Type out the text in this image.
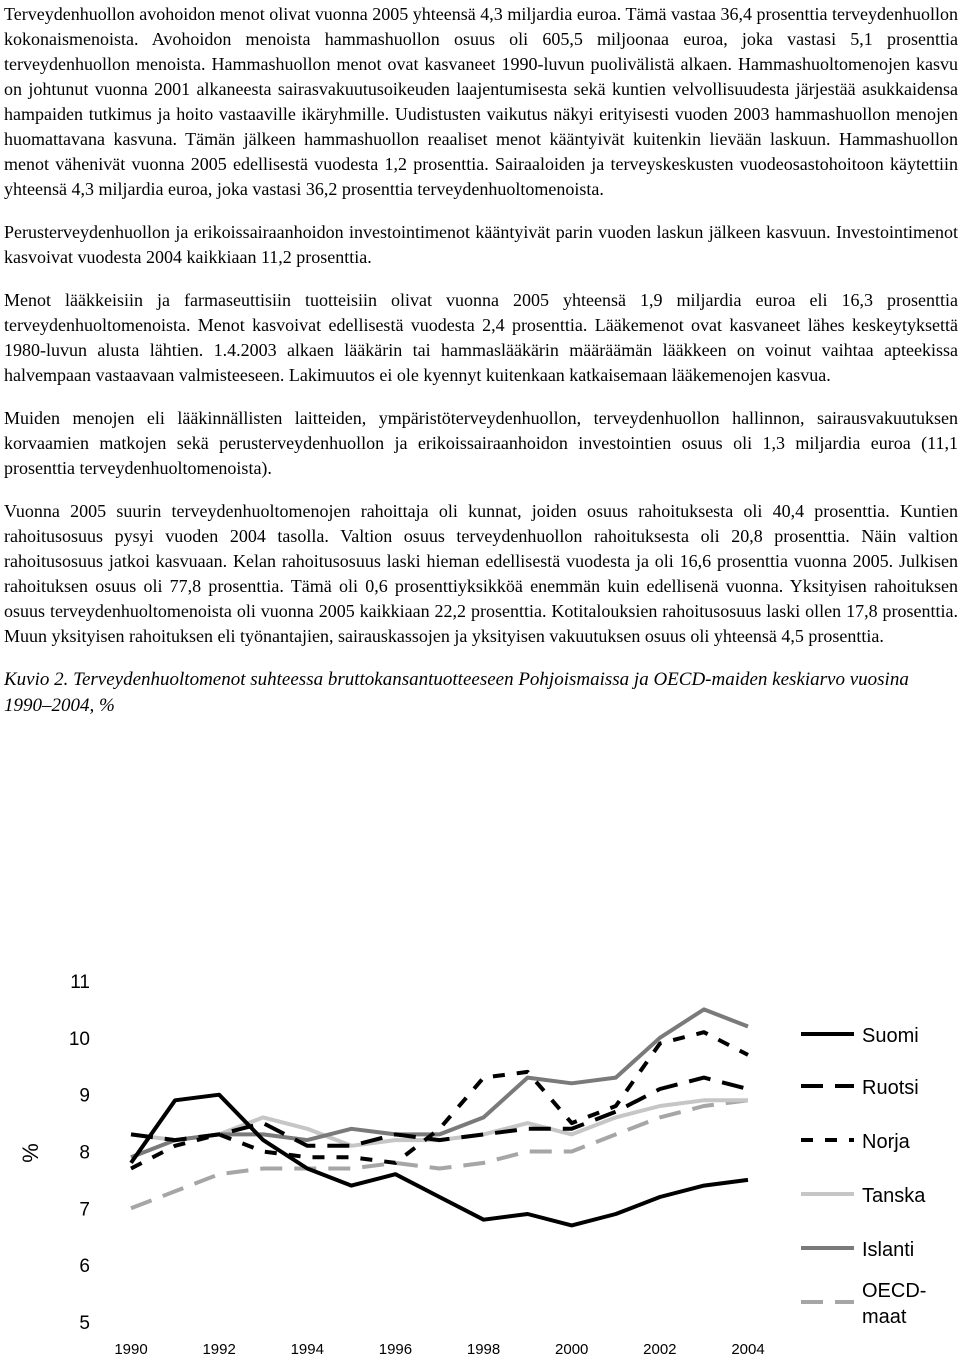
Terveydenhuollon avohoidon menot olivat vuonna 2005 yhteensä 4,3 miljardia euroa. Tämä vastaa 36,4 prosenttia terveydenhuollon kokonaismenoista. Avohoidon menoista hammashuollon osuus oli 605,5 miljoonaa euroa, joka vastasi 5,1 prosenttia terveydenhuollon menoista. Hammashuollon menot ovat kasvaneet 1990-luvun puolivälistä alkaen. Hammashuoltomenojen kasvu on johtunut vuonna 2001 alkaneesta sairasvakuutusoikeuden laajentumisesta sekä kuntien velvollisuudesta järjestää asukkaidensa hampaiden tutkimus ja hoito vastaaville ikäryhmille. Uudistusten vaikutus näkyi erityisesti vuoden 2003 hammashuollon menojen huomattavana kasvuna. Tämän jälkeen hammashuollon reaaliset menot kääntyivät kuitenkin lievään laskuun. Hammashuollon menot vähenivät vuonna 2005 edellisestä vuodesta 1,2 prosenttia. Sairaaloiden ja terveyskeskusten vuodeosastohoitoon käytettiin yhteensä 4,3 miljardia euroa, joka vastasi 36,2 prosenttia terveydenhuoltomenoista.

Perusterveydenhuollon ja erikoissairaanhoidon investointimenot kääntyivät parin vuoden laskun jälkeen kasvuun. Investointimenot kasvoivat vuodesta 2004 kaikkiaan 11,2 prosenttia.

Menot lääkkeisiin ja farmaseuttisiin tuotteisiin olivat vuonna 2005 yhteensä 1,9 miljardia euroa eli 16,3 prosenttia terveydenhuoltomenoista. Menot kasvoivat edellisestä vuodesta 2,4 prosenttia. Lääkemenot ovat kasvaneet lähes keskeytyksettä 1980-luvun alusta lähtien. 1.4.2003 alkaen lääkärin tai hammaslääkärin määräämän lääkkeen on voinut vaihtaa apteekissa halvempaan vastaavaan valmisteeseen. Lakimuutos ei ole kyennyt kuitenkaan katkaisemaan lääkemenojen kasvua.

Muiden menojen eli lääkinnällisten laitteiden, ympäristöterveydenhuollon, terveydenhuollon hallinnon, sairausvakuutuksen korvaamien matkojen sekä perusterveydenhuollon ja erikoissairaanhoidon investointien osuus oli 1,3 miljardia euroa (11,1 prosenttia terveydenhuoltomenoista).

Vuonna 2005 suurin terveydenhuoltomenojen rahoittaja oli kunnat, joiden osuus rahoituksesta oli 40,4 prosenttia. Kuntien rahoitusosuus pysyi vuoden 2004 tasolla. Valtion osuus terveydenhuollon rahoituksesta oli 20,8 prosenttia. Näin valtion rahoitusosuus jatkoi kasvuaan. Kelan rahoitusosuus laski hieman edellisestä vuodesta ja oli 16,6 prosenttia vuonna 2005. Julkisen rahoituksen osuus oli 77,8 prosenttia. Tämä oli 0,6 prosenttiyksikköä enemmän kuin edellisenä vuonna. Yksityisen rahoituksen osuus terveydenhuoltomenoista oli vuonna 2005 kaikkiaan 22,2 prosenttia. Kotitalouksien rahoitusosuus laski ollen 17,8 prosenttia. Muun yksityisen rahoituksen eli työnantajien, sairauskassojen ja yksityisen vakuutuksen osuus oli yhteensä 4,5 prosenttia.

Kuvio 2. Terveydenhuoltomenot suhteessa bruttokansantuotteeseen Pohjoismaissa ja OECD-maiden keskiarvo vuosina 1990–2004, %

%
5
6
7
8
9
10
11
1990	1992	1994	1996	1998	2000	2002	2004
Suomi
Ruotsi
Norja
Tanska
Islanti
OECD-
maat
